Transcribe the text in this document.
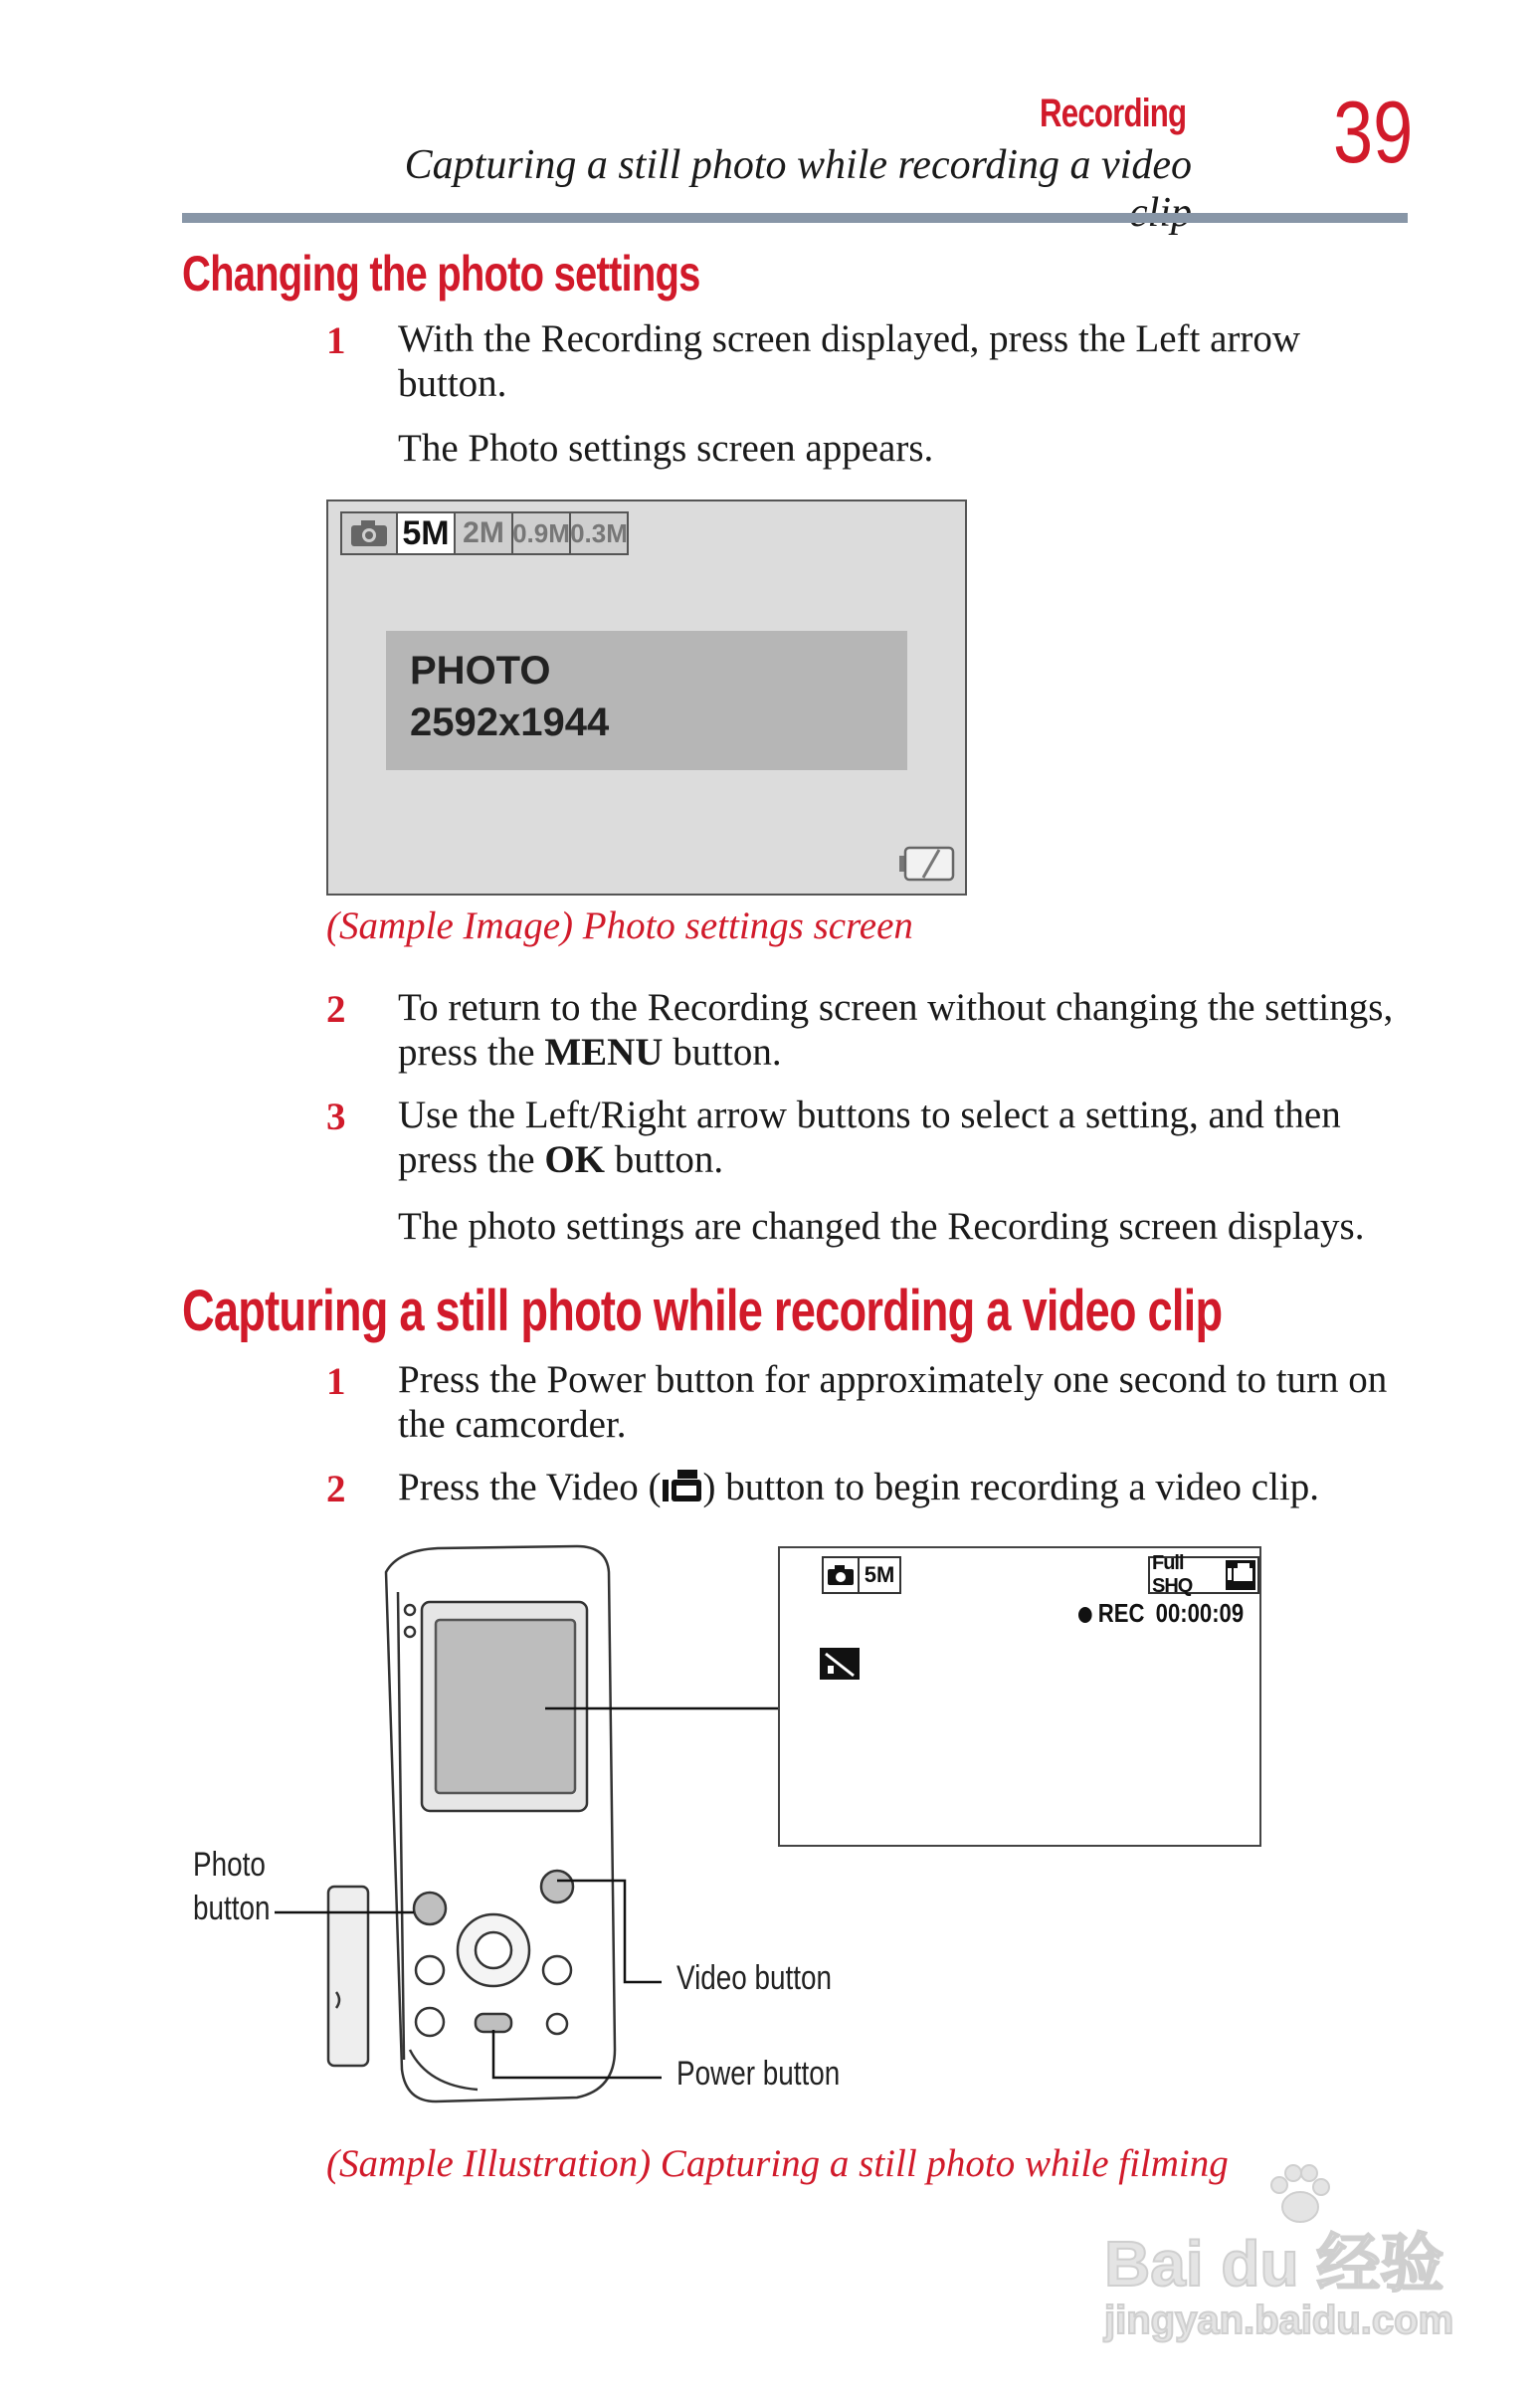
Recording
Capturing a still photo while recording a video 39
Changing the photo settings
1 With the Recording screen displayed, press the Left arrow button.
The Photo settings screen appears.
5M 2M 0.9M 0.3M
PHOTO
2592x1944
(Sample Image) Photo settings screen
2 To return to the Recording screen without changing the settings, press the MENU button.
3 Use the Left/Right arrow buttons to select a setting, and then press the OK button.
The photo settings are changed the Recording screen displays.
Capturing a still photo while recording a video clip
1 Press the Power button for approximately one second to turn on the camcorder.
2 Press the Video ( ) button to begin recording a video clip.
5M	Full SHQ
REC 00:00:09
Photo
button
Video button
Power button
(Sample Illustration) Capturing a still photo while filming
Bai du 经验
jingyan.baidu.com
